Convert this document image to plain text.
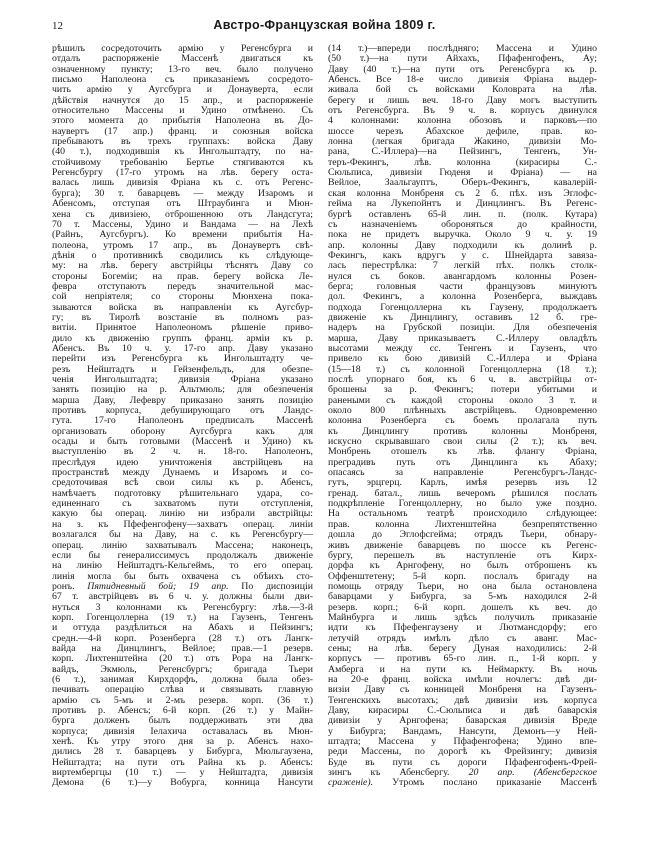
12	Австро-Французская война 1809 г.
рѣшилъ сосредоточить армію у Регенсбурга и
отдалъ распоряженіе Массенѣ двигаться къ
означенному пункту; 13-го веч. было получено
письмо Наполеона съ приказаніемъ сосредото-
чить армію у Аугсбурга и Донауверта, если
дѣйствія начнутся до 15 апр., и распоряженіе
относительно Массены и Удино отмѣнено. Съ
этого момента до прибытія Наполеона въ До-
наувертъ (17 апр.) франц. и союзныя войска
пребываютъ въ трехъ группахъ: войска Даву
(40 т.), подходившія къ Ингольштадту, по на-
стойчивому требованію Бертье стягиваются къ
Регенсбургу (17-го утромъ на лѣв. берегу оста-
валась лишь дивизія Фріана къ с. отъ Регенс-
бурга); 30 т. баварцевъ — между Изаромъ и
Абенсомъ, отступая отъ Штраубинга и Мюн-
хена съ дивизіею, отброшенною отъ Ландсгута;
70 т. Массены, Удино и Вандама — на Лехѣ
(Райнъ, Аугсбургъ). Ко времени прибытія На-
полеона, утромъ 17 апр., въ Донаувертъ свѣ-
дѣнія о противникѣ сводились къ слѣдующе-
му: на лѣв. берегу австрійцы тѣснятъ Даву со
стороны Богеміи; на прав. берегу войска Ле-
февра отступаютъ передъ значительной мас-
сой непріятеля; со стороны Мюнхена пока-
зываются войска въ направленіи къ Аугсбур-
гу; въ Тиролѣ возстаніе въ полномъ раз-
витіи. Принятое Наполеономъ рѣшеніе приво-
дило къ движенію группъ франц. арміи къ р.
Абенсъ. Въ 10 ч. у. 17-го апр. Даву указано
перейти изъ Регенсбурга къ Ингольштадту че-
резъ Нейштадтъ и Гейзенфельдъ, для обезпе-
ченія Ингольштадта; дивизія Фріана указано
занять позицію на р. Альтмюль; для обезпеченія
марша Даву, Лефевру приказано занять позицію
противъ корпуса, дебуширующаго отъ Ландс-
гута. 17-го Наполеонъ предписалъ Массенѣ
организовать оборону Аугсбурга какъ для
осады и быть готовыми (Массенѣ и Удино) къ
выступленію въ 2 ч. н. 18-го. Наполеонъ,
преслѣдуя идею уничтоженія австрійцевъ на
пространствѣ между Дунаемъ и Изаромъ и со-
средоточивая всѣ свои силы къ р. Абенсъ,
намѣчаетъ подготовку рѣшительнаго удара, со-
единеннаго съ захватомъ пути отступленія,
какую бы операц. линію ни избрали австрійцы:
на з. къ Пфефенгофену—захватъ операц. линіи
возлагался бы на Даву, на с. къ Регенсбургу—
операц. линію захватывалъ Массена; наконецъ,
если бы генералиссимусъ продолжалъ движеніе
на линію Нейштадтъ-Кельгеймъ, то его операц.
линія могла бы быть охвачена съ обѣихъ сто-
ронъ. Пятидневный бой; 19 апр. По диспозиціи
67 т. австрійцевъ въ 6 ч. у. должны были дви-
нуться 3 колоннами къ Регенсбургу: лѣв.—3-й
корп. Гогенцоллерна (19 т.) на Гаузенъ, Тенгенъ
и оттуда раздѣлиться на Абахъ и Пейзингъ;
средн.—4-й корп. Розенберга (28 т.) отъ Лангк-
вайда на Динцлингъ, Вейлое; прав.—1 резерв.
корп. Лихтенштейна (20 т.) отъ Рора на Лангк-
вайдъ, Экмюль, Регенсбургъ; бригада Тьери
(6 т.), занимая Кирхдорфъ, должна была обез-
печивать операцію слѣва и связывать главную
армію съ 5-мъ и 2-мъ резерв. корп. (36 т.)
противъ р. Абенсъ; 6-й корп. (26 т.) у Майн-
бурга долженъ былъ поддерживать эти два
корпуса; дивизія Іелахича оставалась въ Мюн-
хенѣ. Къ утру этого дня за р. Абенсъ нахо-
дились 28 т. баварцевъ у Бибурга, Мюльгаузена,
Нейштадта; на пути отъ Райна къ р. Абенсъ:
виртембергцы (10 т.) — у Нейштадта, дивизія
Демона (6 т.)—у Вобурга, конница Нансути
(14 т.)—впереди послѣдняго; Массена и Удино
(50 т.)—на пути Айхахъ, Пфафенгофенъ, Ау;
Даву (40 т.)—на пути отъ Регенсбурга къ р.
Абенсъ. Все 18-е число дивизія Фріана выдер-
живала бой съ войсками Коловрата на лѣв.
берегу и лишь веч. 18-го Даву могъ выступить
отъ Регенсбурга. Въ 9 ч. в. корпусъ двинулся
4 колоннами: колонна обозовъ и парковъ—по
шоссе черезъ Абахское дефиле, прав. ко-
лонна (легкая бригада Жакино, дивизіи Мо-
рана, С.-Иллера)—на Пейзингъ, Тенгенъ, Ун-
теръ-Фекингъ, лѣв. колонна (кирасиры С.-
Сюльписа, дивизіи Гюденя и Фріана) — на
Вейлое, Заальгауптъ, Оберъ-Фекингъ, кавалерій-
ская колонна Монбреня съ 2 б. пѣх. изъ Эглофс-
гейма на Лукепойнтъ и Динцлингъ. Въ Регенс-
бургѣ оставленъ 65-й лин. п. (полк. Кутара)
съ назначеніемъ обороняться до крайности,
пока не придетъ выручка. Около 9 ч. у. 19
апр. колонны Даву подходили къ долинѣ р.
Фекингъ, какъ вдругъ у с. Шнейдарта завяза-
лась перестрѣлка: 7 легкій пѣх. полкъ столк-
нулся съ боков. авангардомъ колонны Розен-
берга; головныя части французовъ минуютъ
дол. Фекингъ, а колонна Розенберга, выждавъ
подхода Гогенцоллерна къ Гаузену, продолжаетъ
движеніе къ Динцлингу, оставивъ 12 б. гре-
надеръ на Грубской позиціи. Для обезпеченія
марша, Даву приказываетъ С.-Иллеру овладѣть
высотами между сс. Тенгенъ и Гаузенъ, что
привело къ бою дивизій С.-Иллера и Фріана
(15—18 т.) съ колонной Гогенцоллерна (18 т.);
послѣ упорнаго боя, къ 6 ч. в. австрійцы от-
брошены за р. Фекингъ; потери убитыми и
ранеными съ каждой стороны около 3 т. и
около 800 плѣнныхъ австрійцевъ. Одновременно
колонна Розенберга съ боемъ пролагала путь
къ Динцлингу противъ колонны Монбреня,
искусно скрывавшаго свои силы (2 т.); къ веч.
Монбрень отошелъ къ лѣв. флангу Фріана,
преградивъ путь отъ Динцлинга къ Абаху;
опасаясь за направленіе Регенсбургъ-Ландс-
гутъ, эрцгерц. Карлъ, имѣя резервъ изъ 12
гренад. батал., лишь вечеромъ рѣшился послать
подкрѣпленіе Гогенцоллерну, но было уже поздно.
На остальномъ театрѣ происходило слѣдующее:
прав. колонна Лихтенштейна безпрепятственно
дошла до Эглофсгейма; отрядъ Тьери, обнару-
живъ движеніе баварцевъ по шоссе къ Регенс-
бургу, перешелъ въ наступленіе отъ Кирх-
дорфа къ Арнгофену, но былъ отброшенъ къ
Оффенштетену; 5-й корп. послалъ бригаду на
помощь отряду Тьери, но она была остановлена
баварцами у Бибурга, за 5-мъ находился 2-й
резерв. корп.; 6-й корп. дошелъ къ веч. до
Майнбурга и лишь здѣсь получилъ приказаніе
идти къ Пфефенгаузену и Лютмансдорфу; его
летучій отрядъ имѣлъ дѣло съ аванг. Мас-
сены; на лѣв. берегу Дуная находились: 2-й
корпусъ — противъ 65-го лин. п., 1-й корп. у
Амберга и на пути къ Неймаркту. Въ ночь
на 20-е франц. войска имѣли ночлегъ: двѣ ди-
визіи Даву съ конницей Монбреня на Гаузенъ-
Тенгенскихъ высотахъ; двѣ дивизіи изъ корпуса
Даву, кирасиры С.-Сюльписа и двѣ баварскія
дивизіи у Арнгофена; баварская дивизія Вреде
у Бибурга; Вандамъ, Нансути, Демонъ—у Ней-
штадта; Массена у Пфафенгофена; Удино впе-
реди Массены, по дорогѣ къ Фрейзингу; дивизія
Буде въ пути съ дороги Пфафенгофенъ-Фрей-
зингъ къ Абенсбергу. 20 апр. (Абенсбергское
сраженіе). Утромъ послано приказаніе Массенѣ
